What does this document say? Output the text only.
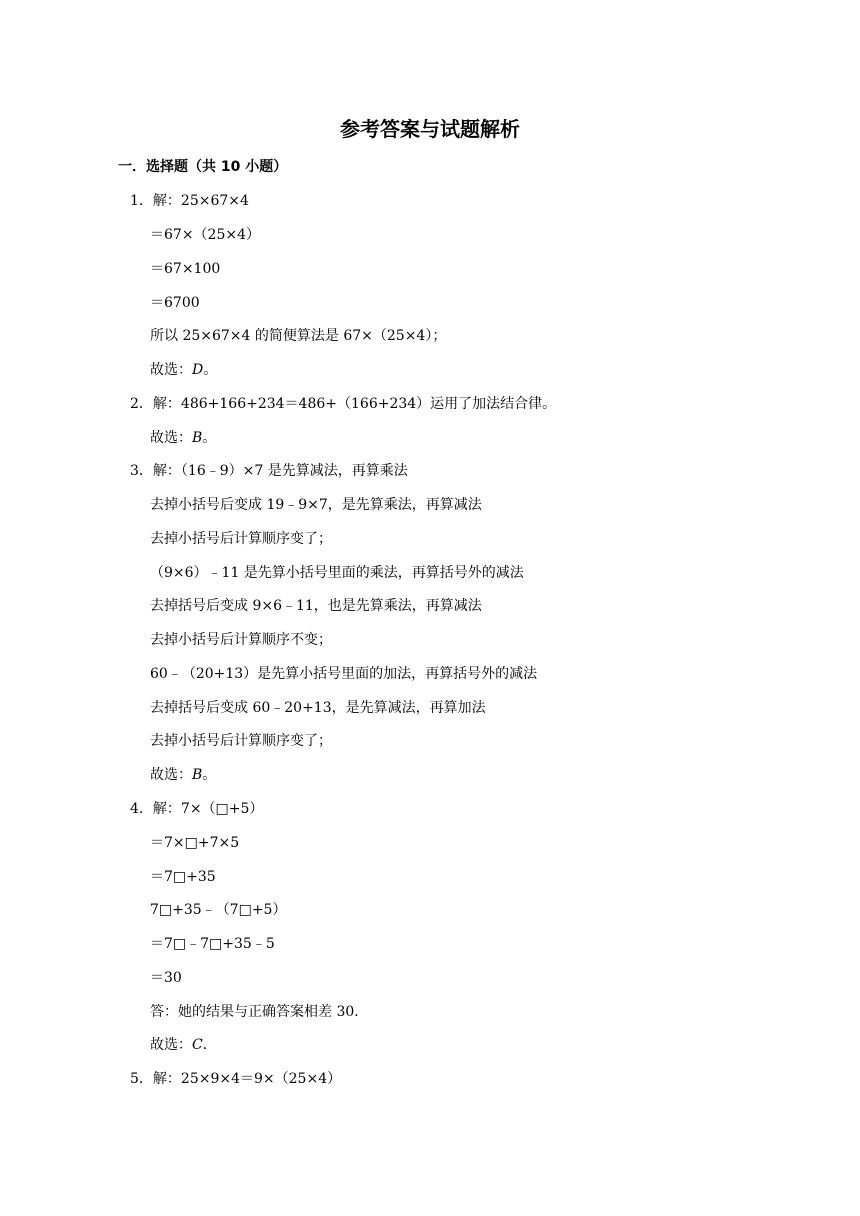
参考答案与试题解析
一．选择题（共 10 小题）
1．解：25×67×4
＝67×（25×4）
＝67×100
＝6700
所以 25×67×4 的简便算法是 67×（25×4）；
故选：D。
2．解：486+166+234＝486+（166+234）运用了加法结合律。
故选：B。
3．解：（16﹣9）×7 是先算减法，再算乘法
去掉小括号后变成 19﹣9×7，是先算乘法，再算减法
去掉小括号后计算顺序变了；
（9×6）﹣11 是先算小括号里面的乘法，再算括号外的减法
去掉括号后变成 9×6﹣11，也是先算乘法，再算减法
去掉小括号后计算顺序不变；
60﹣（20+13）是先算小括号里面的加法，再算括号外的减法
去掉括号后变成 60﹣20+13，是先算减法，再算加法
去掉小括号后计算顺序变了；
故选：B。
4．解：7×（□+5）
＝7×□+7×5
＝7□+35
7□+35﹣（7□+5）
＝7□﹣7□+35﹣5
＝30
答：她的结果与正确答案相差 30．
故选：C．
5．解：25×9×4＝9×（25×4）
